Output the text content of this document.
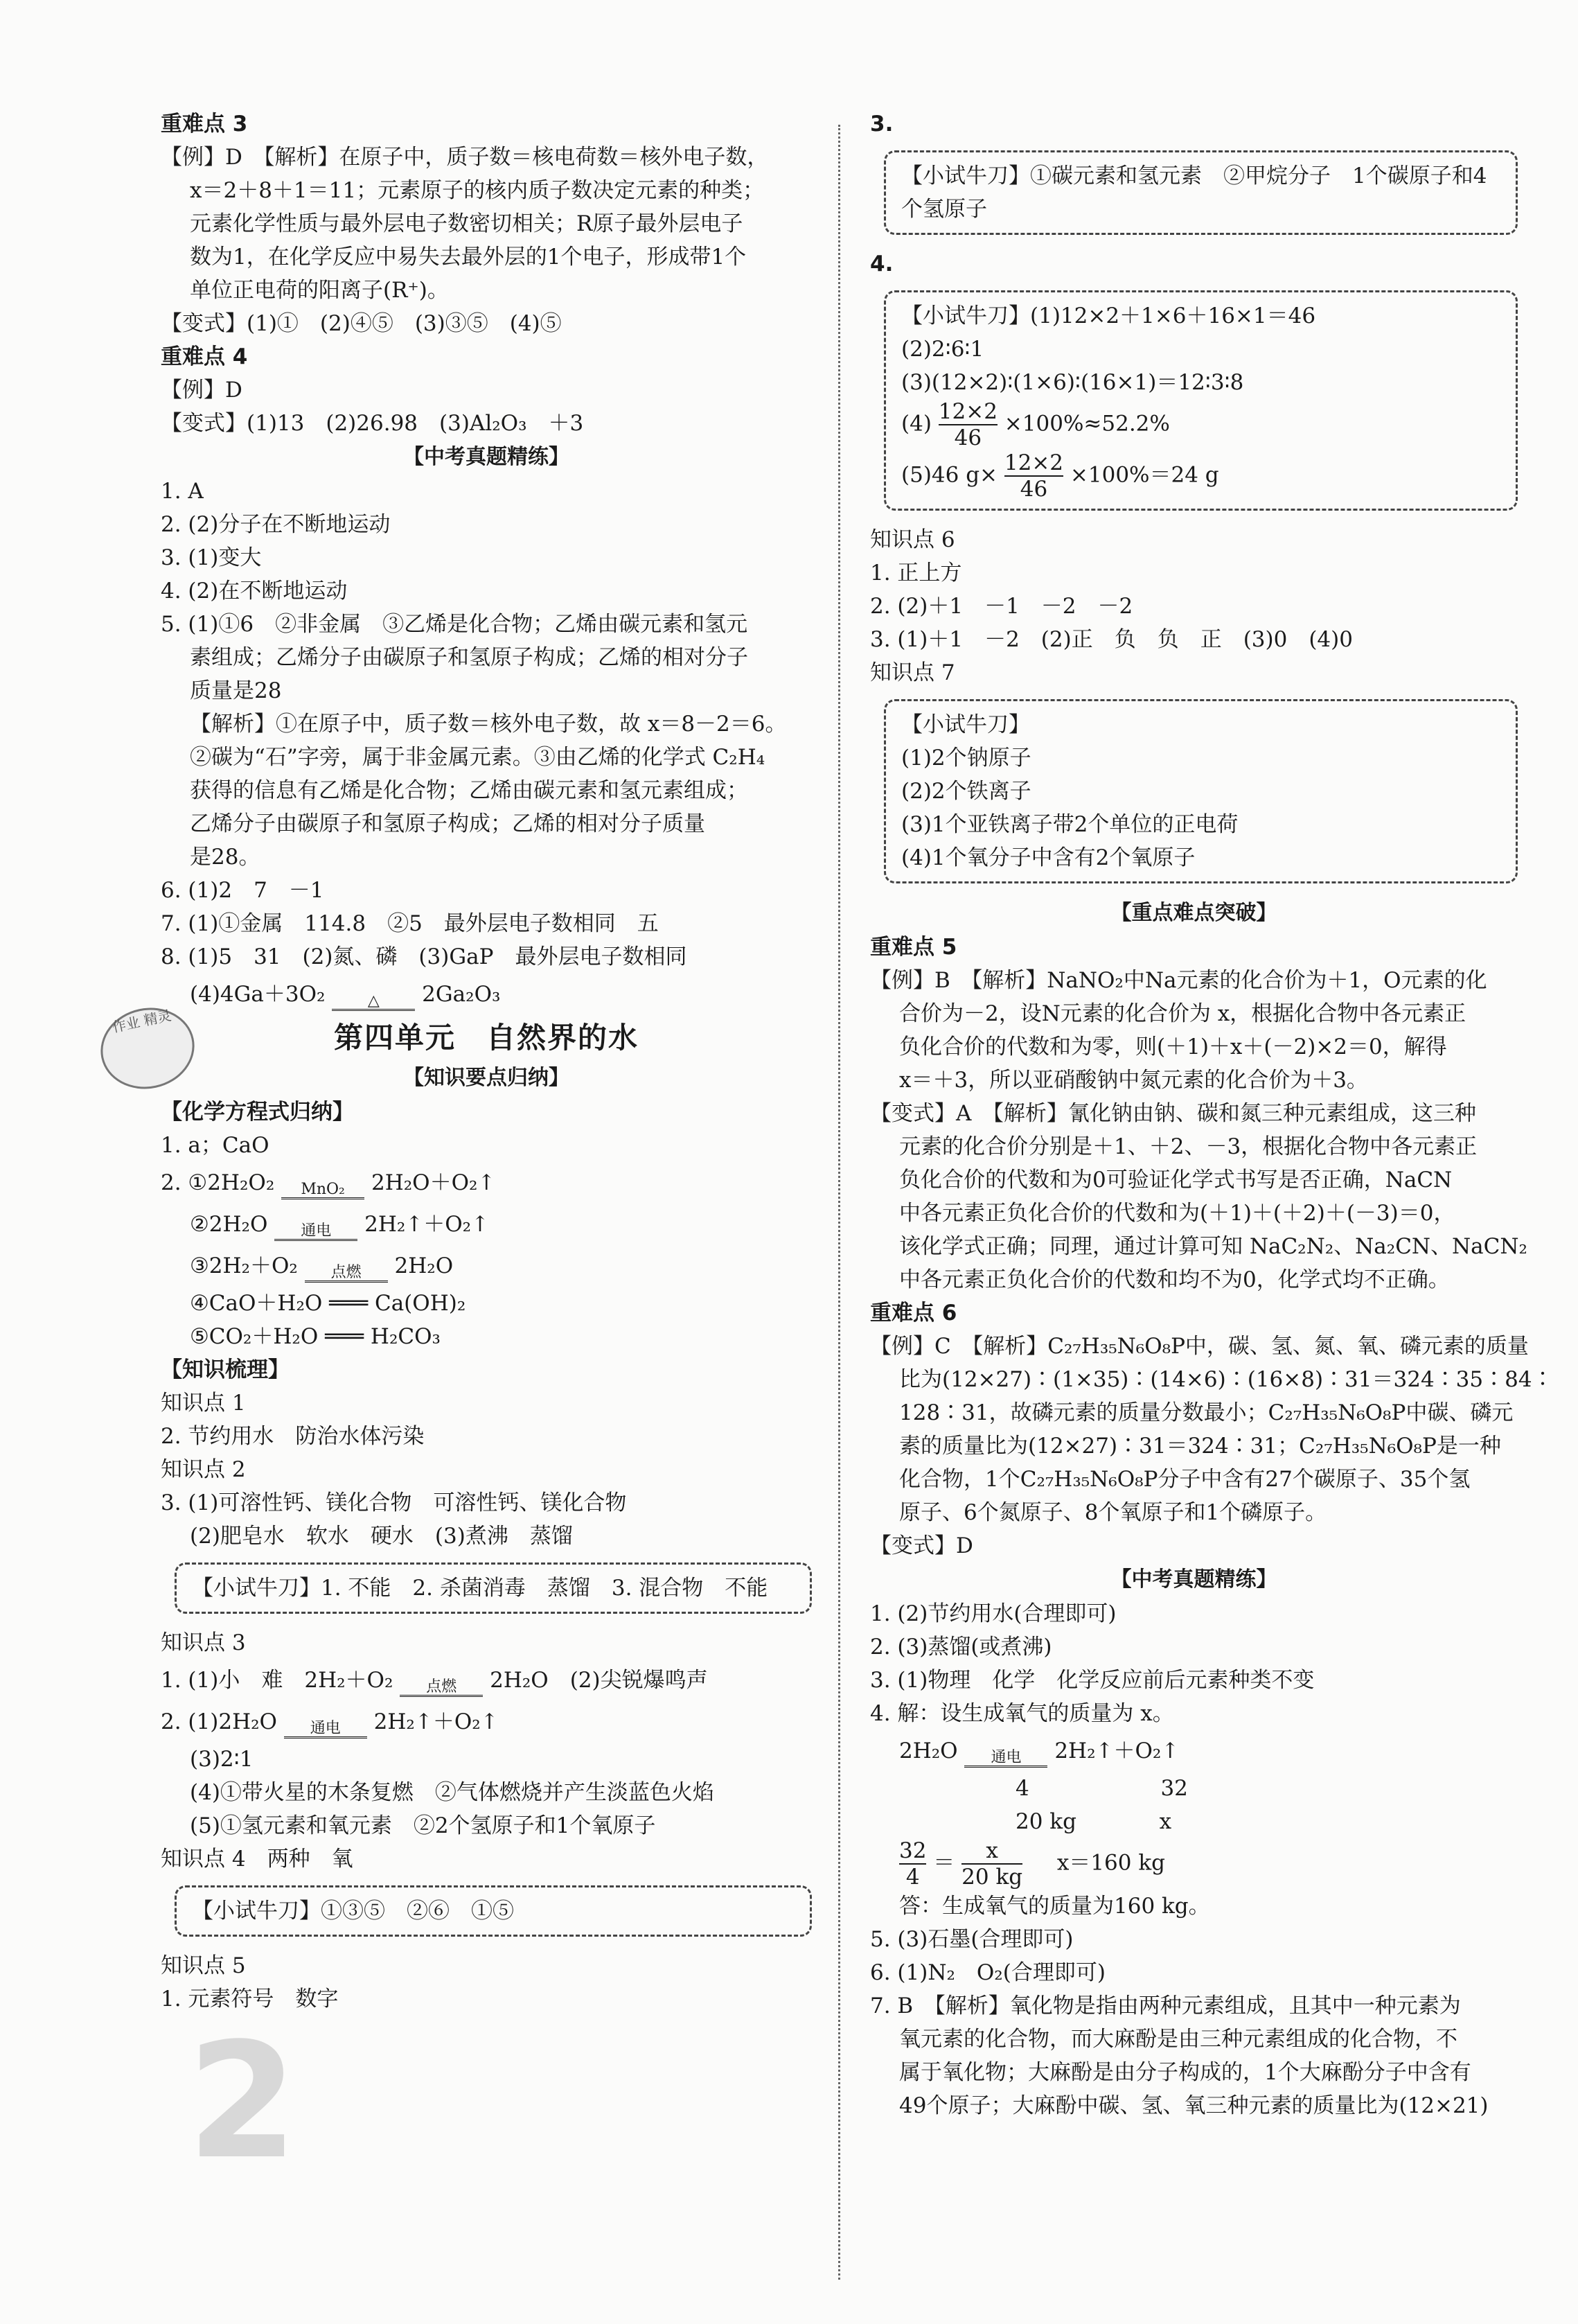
重难点 3
【例】D　【解析】在原子中，质子数＝核电荷数＝核外电子数，
x＝2＋8＋1＝11；元素原子的核内质子数决定元素的种类；
元素化学性质与最外层电子数密切相关；R原子最外层电子
数为1，在化学反应中易失去最外层的1个电子，形成带1个
单位正电荷的阳离子(R⁺)。
【变式】(1)①　(2)④⑤　(3)③⑤　(4)⑤
重难点 4
【例】D
【变式】(1)13　(2)26.98　(3)Al₂O₃　＋3
【中考真题精练】
1. A
2. (2)分子在不断地运动
3. (1)变大
4. (2)在不断地运动
5. (1)①6　②非金属　③乙烯是化合物；乙烯由碳元素和氢元
素组成；乙烯分子由碳原子和氢原子构成；乙烯的相对分子
质量是28
【解析】①在原子中，质子数＝核外电子数，故 x＝8－2＝6。
②碳为“石”字旁，属于非金属元素。③由乙烯的化学式 C₂H₄
获得的信息有乙烯是化合物；乙烯由碳元素和氢元素组成；
乙烯分子由碳原子和氢原子构成；乙烯的相对分子质量
是28。
6. (1)2　7　－1
7. (1)①金属　114.8　②5　最外层电子数相同　五
8. (1)5　31　(2)氮、磷　(3)GaP　最外层电子数相同
(4)4Ga＋3O₂	△	2Ga₂O₃
第四单元　自然界的水
【知识要点归纳】
【化学方程式归纳】
1. a；CaO
2. ①2H₂O₂	MnO₂	2H₂O＋O₂↑
②2H₂O	通电	2H₂↑＋O₂↑
③2H₂＋O₂	点燃	2H₂O
④CaO＋H₂O ═══ Ca(OH)₂
⑤CO₂＋H₂O ═══ H₂CO₃
【知识梳理】
知识点 1
2. 节约用水　防治水体污染
知识点 2
3. (1)可溶性钙、镁化合物　可溶性钙、镁化合物
(2)肥皂水　软水　硬水　(3)煮沸　蒸馏
【小试牛刀】1. 不能　2. 杀菌消毒　蒸馏　3. 混合物　不能
知识点 3
1. (1)小　难　2H₂＋O₂	点燃	2H₂O　(2)尖锐爆鸣声
2. (1)2H₂O	通电	2H₂↑＋O₂↑
(3)2∶1
(4)①带火星的木条复燃　②气体燃烧并产生淡蓝色火焰
(5)①氢元素和氧元素　②2个氢原子和1个氧原子
知识点 4　两种　氧
【小试牛刀】①③⑤　②⑥　①⑤
知识点 5
1. 元素符号　数字
3.
【小试牛刀】①碳元素和氢元素　②甲烷分子　1个碳原子和4个氢原子
4.
【小试牛刀】(1)12×2＋1×6＋16×1＝46
(2)2∶6∶1
(3)(12×2)∶(1×6)∶(16×1)＝12∶3∶8
$(4) \frac{12\times 2}{46} \times 100\%\approx 52.2\%$
(5)46 $g\times \frac{12\times 2}{46} \times 100\%=24$ g
知识点 6
1. 正上方
2. (2)＋1　－1　－2　－2
3. (1)＋1　－2　(2)正　负　负　正　(3)0　(4)0
知识点 7
【小试牛刀】
(1)2个钠原子
(2)2个铁离子
(3)1个亚铁离子带2个单位的正电荷
(4)1个氧分子中含有2个氧原子
【重点难点突破】
重难点 5
【例】B　【解析】NaNO₂中Na元素的化合价为＋1，O元素的化
合价为－2，设N元素的化合价为 x，根据化合物中各元素正
负化合价的代数和为零，则(＋1)＋x＋(－2)×2＝0，解得
x＝＋3，所以亚硝酸钠中氮元素的化合价为＋3。
【变式】A　【解析】氰化钠由钠、碳和氮三种元素组成，这三种
元素的化合价分别是＋1、＋2、－3，根据化合物中各元素正
负化合价的代数和为0可验证化学式书写是否正确，NaCN
中各元素正负化合价的代数和为(＋1)＋(＋2)＋(－3)＝0，
该化学式正确；同理，通过计算可知 NaC₂N₂、Na₂CN、NaCN₂
中各元素正负化合价的代数和均不为0，化学式均不正确。
重难点 6
【例】C　【解析】C₂₇H₃₅N₆O₈P中，碳、氢、氮、氧、磷元素的质量
比为(12×27)∶(1×35)∶(14×6)∶(16×8)∶31＝324∶35∶84∶
128∶31，故磷元素的质量分数最小；C₂₇H₃₅N₆O₈P中碳、磷元
素的质量比为(12×27)∶31＝324∶31；C₂₇H₃₅N₆O₈P是一种
化合物，1个C₂₇H₃₅N₆O₈P分子中含有27个碳原子、35个氢
原子、6个氮原子、8个氧原子和1个磷原子。
【变式】D
【中考真题精练】
1. (2)节约用水(合理即可)
2. (3)蒸馏(或煮沸)
3. (1)物理　化学　化学反应前后元素种类不变
4. 解：设生成氧气的质量为 x。
2H₂O	通电	2H₂↑＋O₂↑
4	32
20 kg	x
$\frac{32}{4} = \frac{x}{20 kg} x=160$ kg
答：生成氧气的质量为160 kg。
5. (3)石墨(合理即可)
6. (1)N₂　O₂(合理即可)
7. B　【解析】氧化物是指由两种元素组成，且其中一种元素为
氧元素的化合物，而大麻酚是由三种元素组成的化合物，不
属于氧化物；大麻酚是由分子构成的，1个大麻酚分子中含有
49个原子；大麻酚中碳、氢、氧三种元素的质量比为(12×21)
作业 精灵
2
